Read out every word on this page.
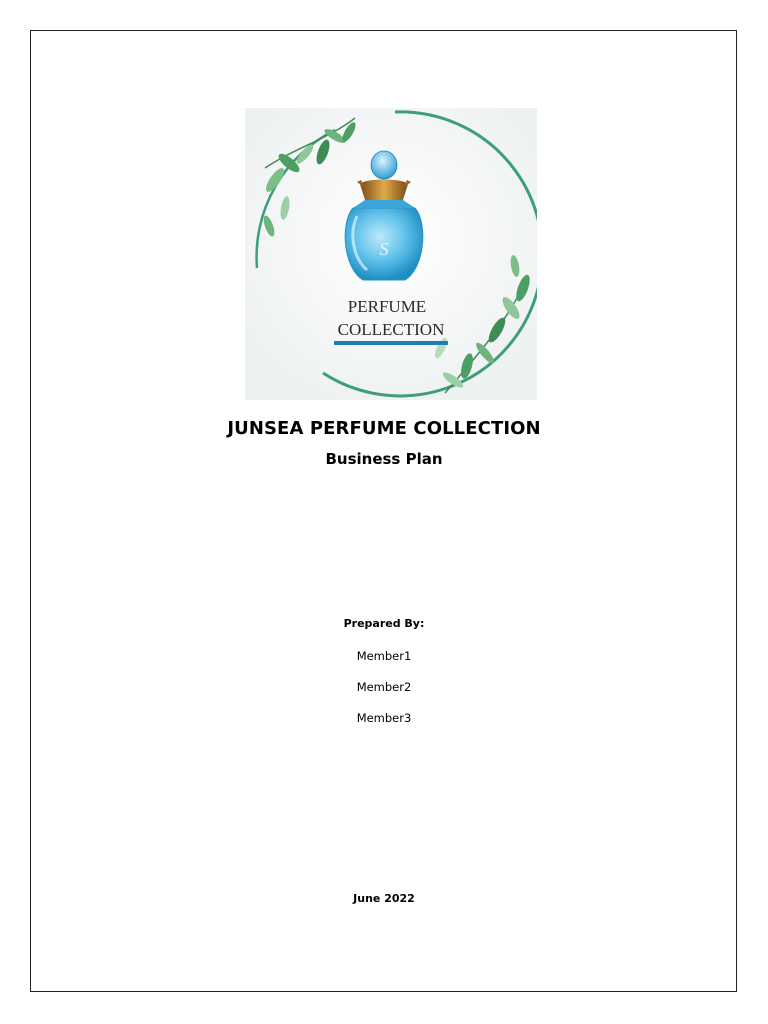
S
PERFUME
COLLECTION
JUNSEA PERFUME COLLECTION
Business Plan
Prepared By:
Member1
Member2
Member3
June 2022
